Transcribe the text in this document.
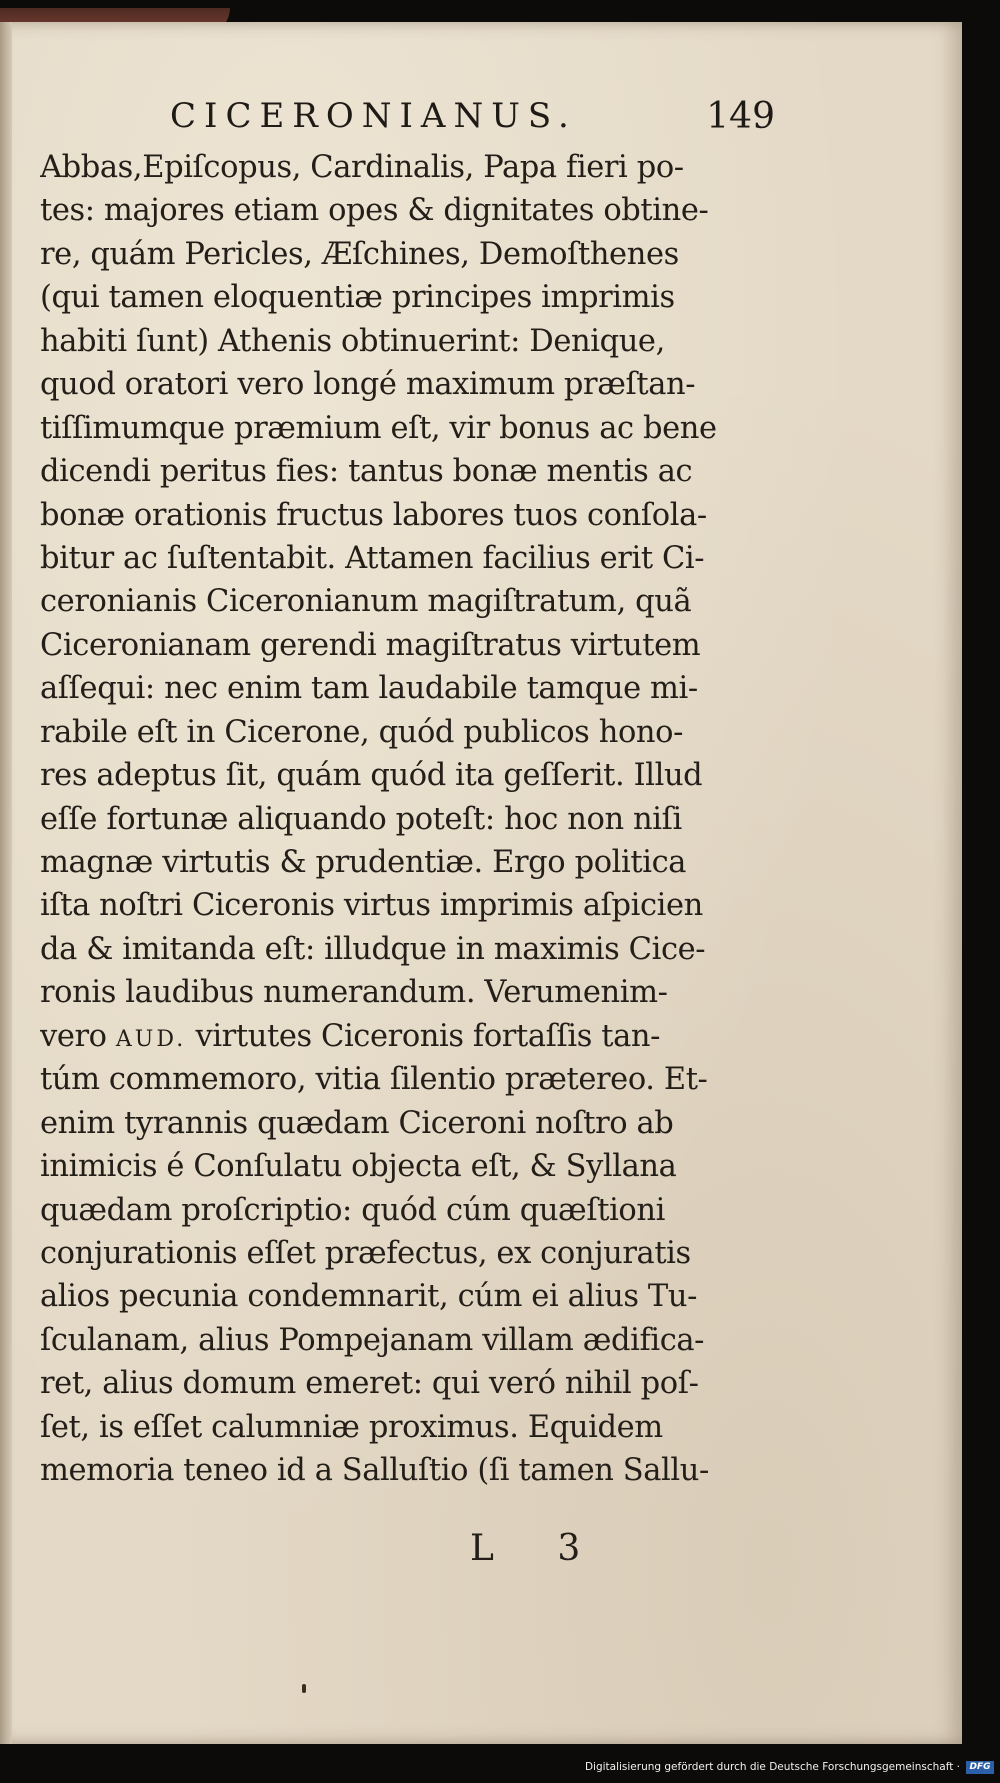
CICERONIANUS.	149
Abbas,Epiſcopus, Cardinalis, Papa fieri po-
tes: majores etiam opes & dignitates obtine-
re, quám Pericles, Æſchines, Demoſthenes
(qui tamen eloquentiæ principes imprimis
habiti ſunt) Athenis obtinuerint: Denique,
quod oratori vero longé maximum præſtan-
tiſſimumque præmium eſt, vir bonus ac bene
dicendi peritus fies: tantus bonæ mentis ac
bonæ orationis fructus labores tuos conſola-
bitur ac ſuſtentabit. Attamen facilius erit Ci-
ceronianis Ciceronianum magiſtratum, quã
Ciceronianam gerendi magiſtratus virtutem
aſſequi: nec enim tam laudabile tamque mi-
rabile eſt in Cicerone, quód publicos hono-
res adeptus ſit, quám quód ita geſſerit. Illud
eſſe fortunæ aliquando poteſt: hoc non niſi
magnæ virtutis & prudentiæ. Ergo politica
iſta noſtri Ciceronis virtus imprimis aſpicien
da & imitanda eſt: illudque in maximis Cice-
ronis laudibus numerandum. Verumenim-
vero AUD. virtutes Ciceronis fortaſſis tan-
túm commemoro, vitia ſilentio prætereo. Et-
enim tyrannis quædam Ciceroni noſtro ab
inimicis é Conſulatu objecta eſt, & Syllana
quædam proſcriptio: quód cúm quæſtioni
conjurationis eſſet præfectus, ex conjuratis
alios pecunia condemnarit, cúm ei alius Tu-
ſculanam, alius Pompejanam villam ædifica-
ret, alius domum emeret: qui veró nihil poſ-
ſet, is eſſet calumniæ proximus. Equidem
memoria teneo id a Salluſtio (ſi tamen Sallu-
L 3
Digitalisierung gefördert durch die Deutsche Forschungsgemeinschaft ·	DFG
